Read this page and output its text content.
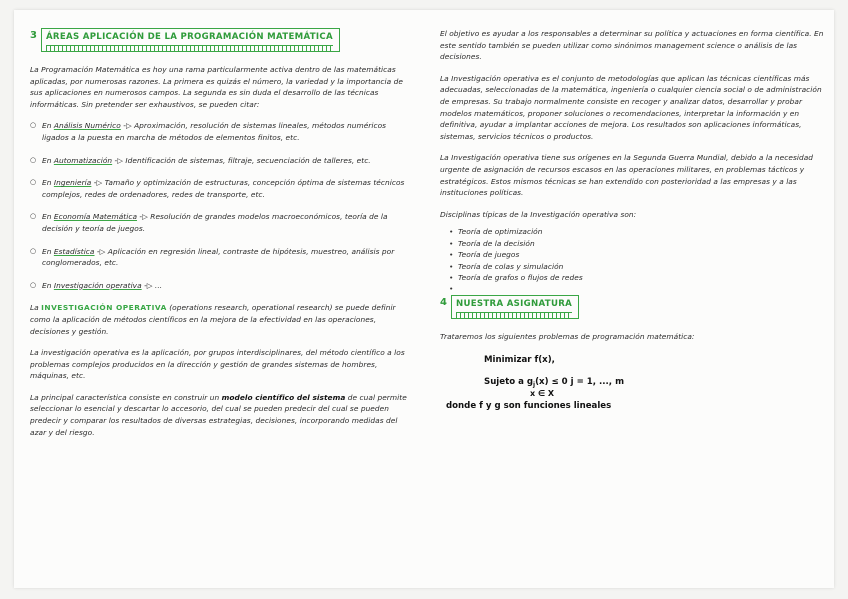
3 ÁREAS APLICACIÓN DE LA PROGRAMACIÓN MATEMÁTICA

La Programación Matemática es hoy una rama particularmente activa dentro de las matemáticas aplicadas, por numerosas razones. La primera es quizás el número, la variedad y la importancia de sus aplicaciones en numerosos campos. La segunda es sin duda el desarrollo de las técnicas informáticas. Sin pretender ser exhaustivos, se pueden citar:

○ En Análisis Numérico -▷ Aproximación, resolución de sistemas lineales, métodos numéricos ligados a la puesta en marcha de métodos de elementos finitos, etc.
○ En Automatización -▷ Identificación de sistemas, filtraje, secuenciación de talleres, etc.
○ En Ingeniería -▷ Tamaño y optimización de estructuras, concepción óptima de sistemas técnicos complejos, redes de ordenadores, redes de transporte, etc.
○ En Economía Matemática -▷ Resolución de grandes modelos macroeconómicos, teoría de la decisión y teoría de juegos.
○ En Estadística -▷ Aplicación en regresión lineal, contraste de hipótesis, muestreo, análisis por conglomerados, etc.
○ En Investigación operativa -▷ ...

La INVESTIGACIÓN OPERATIVA (operations research, operational research) se puede definir como la aplicación de métodos científicos en la mejora de la efectividad en las operaciones, decisiones y gestión.

La investigación operativa es la aplicación, por grupos interdisciplinares, del método científico a los problemas complejos producidos en la dirección y gestión de grandes sistemas de hombres, máquinas, etc.

La principal característica consiste en construir un modelo científico del sistema de cual permite seleccionar lo esencial y descartar lo accesorio, del cual se pueden predecir del cual se pueden predecir y comparar los resultados de diversas estrategias, decisiones, incorporando medidas del azar y del riesgo.

El objetivo es ayudar a los responsables a determinar su política y actuaciones en forma científica. En este sentido también se pueden utilizar como sinónimos management science o análisis de las decisiones.

La Investigación operativa es el conjunto de metodologías que aplican las técnicas científicas más adecuadas, seleccionadas de la matemática, ingeniería o cualquier ciencia social o de administración de empresas. Su trabajo normalmente consiste en recoger y analizar datos, desarrollar y probar modelos matemáticos, proponer soluciones o recomendaciones, interpretar la información y en definitiva, ayudar a implantar acciones de mejora. Los resultados son aplicaciones informáticas, sistemas, servicios técnicos o productos.

La Investigación operativa tiene sus orígenes en la Segunda Guerra Mundial, debido a la necesidad urgente de asignación de recursos escasos en las operaciones militares, en problemas tácticos y estratégicos. Estos mismos técnicas se han extendido con posterioridad a las empresas y a las instituciones políticas.

Disciplinas típicas de la Investigación operativa son:

• Teoría de optimización
• Teoría de la decisión
• Teoría de juegos
• Teoría de colas y simulación
• Teoría de grafos o flujos de redes
4 NUESTRA ASIGNATURA

Trataremos los siguientes problemas de programación matemática:

Minimizar f(x),
Sujeto a $g_j(x) \le 0$ j = 1, ..., m
x ∈ X
donde f y g son funciones lineales
